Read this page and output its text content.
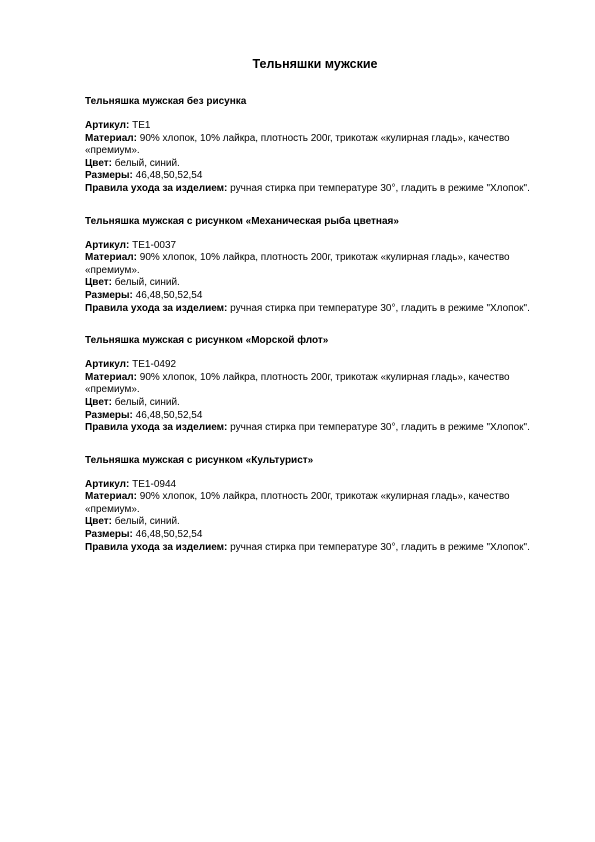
Тельняшки мужские
Тельняшка мужская без рисунка
Артикул: TE1
Материал: 90% хлопок, 10% лайкра, плотность 200г, трикотаж «кулирная гладь», качество «премиум».
Цвет: белый, синий.
Размеры: 46,48,50,52,54
Правила ухода за изделием: ручная стирка при температуре 30°, гладить в режиме "Хлопок".
Тельняшка мужская с рисунком «Механическая рыба цветная»
Артикул: TE1-0037
Материал: 90% хлопок, 10% лайкра, плотность 200г, трикотаж «кулирная гладь», качество «премиум».
Цвет: белый, синий.
Размеры: 46,48,50,52,54
Правила ухода за изделием: ручная стирка при температуре 30°, гладить в режиме "Хлопок".
Тельняшка мужская с рисунком «Морской флот»
Артикул: TE1-0492
Материал: 90% хлопок, 10% лайкра, плотность 200г, трикотаж «кулирная гладь», качество «премиум».
Цвет: белый, синий.
Размеры: 46,48,50,52,54
Правила ухода за изделием: ручная стирка при температуре 30°, гладить в режиме "Хлопок".
Тельняшка мужская с рисунком «Культурист»
Артикул: TE1-0944
Материал: 90% хлопок, 10% лайкра, плотность 200г, трикотаж «кулирная гладь», качество «премиум».
Цвет: белый, синий.
Размеры: 46,48,50,52,54
Правила ухода за изделием: ручная стирка при температуре 30°, гладить в режиме "Хлопок".
